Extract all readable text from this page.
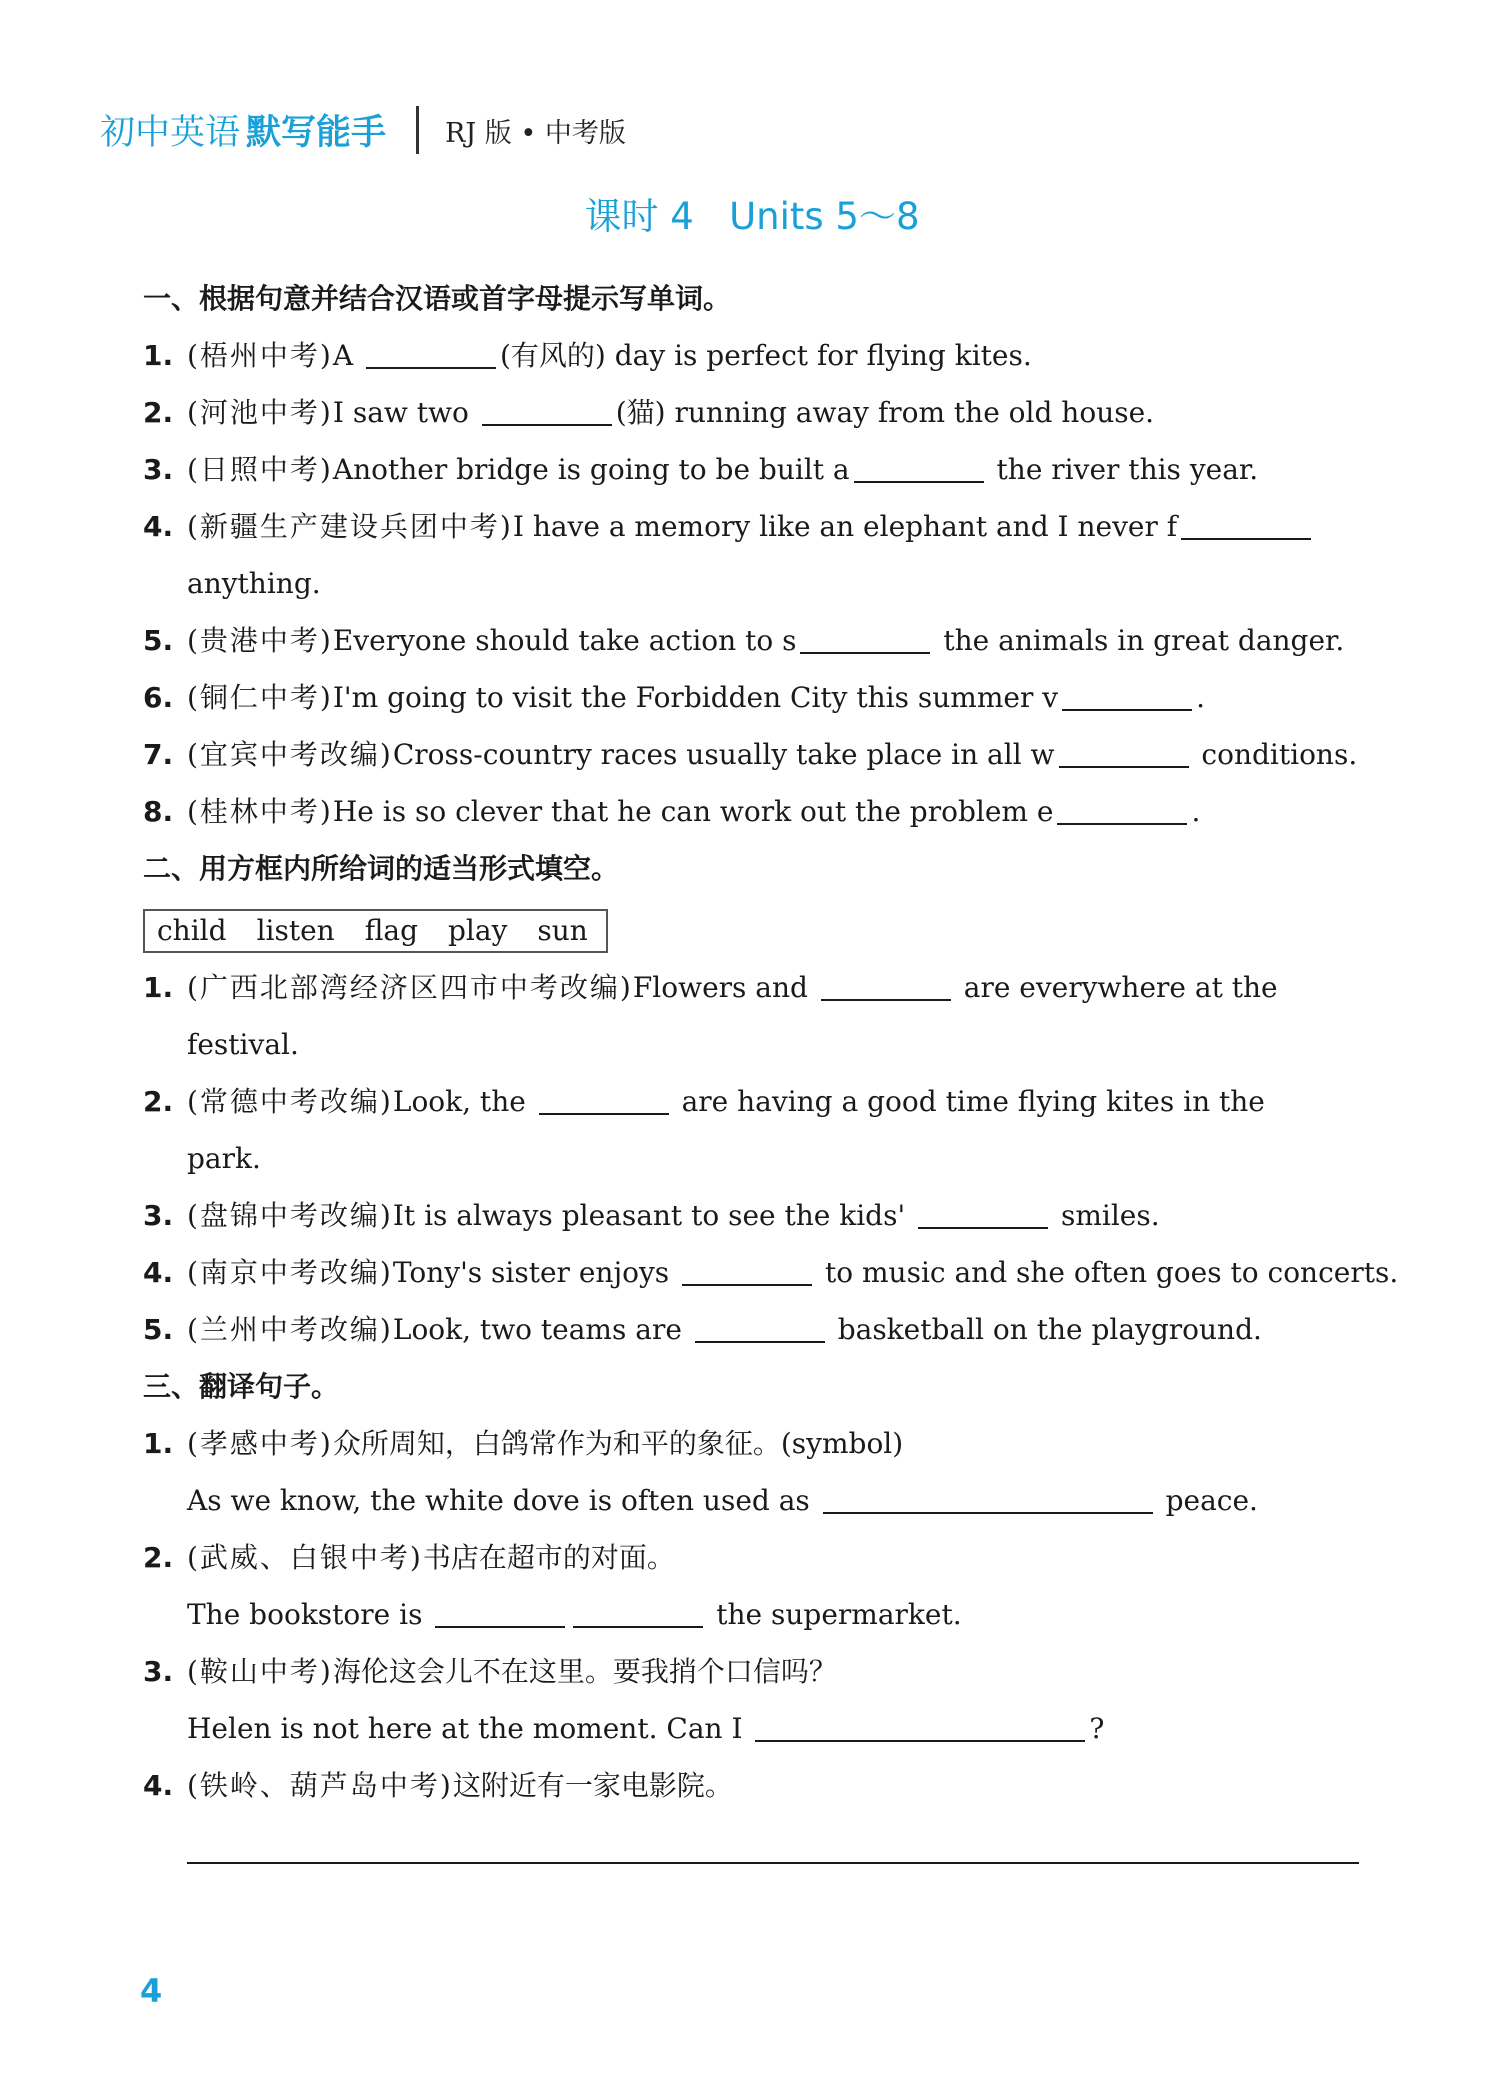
初中英语 默写能手 RJ 版 • 中考版
课时 4   Units 5～8
一、根据句意并结合汉语或首字母提示写单词。
1. (梧州中考)A	(有风的) day is perfect for flying kites.
2. (河池中考)I saw two	(猫) running away from the old house.
3. (日照中考)Another bridge is going to be built a	the river this year.
4. (新疆生产建设兵团中考)I have a memory like an elephant and I never f
anything.
5. (贵港中考)Everyone should take action to s	the animals in great danger.
6. (铜仁中考)I'm going to visit the Forbidden City this summer v	.
7. (宜宾中考改编)Cross-country races usually take place in all w	conditions.
8. (桂林中考)He is so clever that he can work out the problem e	.
二、用方框内所给词的适当形式填空。
child listen flag play sun
1. (广西北部湾经济区四市中考改编)Flowers and	are everywhere at the
festival.
2. (常德中考改编)Look, the	are having a good time flying kites in the
park.
3. (盘锦中考改编)It is always pleasant to see the kids'	smiles.
4. (南京中考改编)Tony's sister enjoys	to music and she often goes to concerts.
5. (兰州中考改编)Look, two teams are	basketball on the playground.
三、翻译句子。
1. (孝感中考)众所周知，白鸽常作为和平的象征。(symbol)
As we know, the white dove is often used as	peace.
2. (武威、白银中考)书店在超市的对面。
The bookstore is	the supermarket.
3. (鞍山中考)海伦这会儿不在这里。要我捎个口信吗？
Helen is not here at the moment. Can I	?
4. (铁岭、葫芦岛中考)这附近有一家电影院。
4
